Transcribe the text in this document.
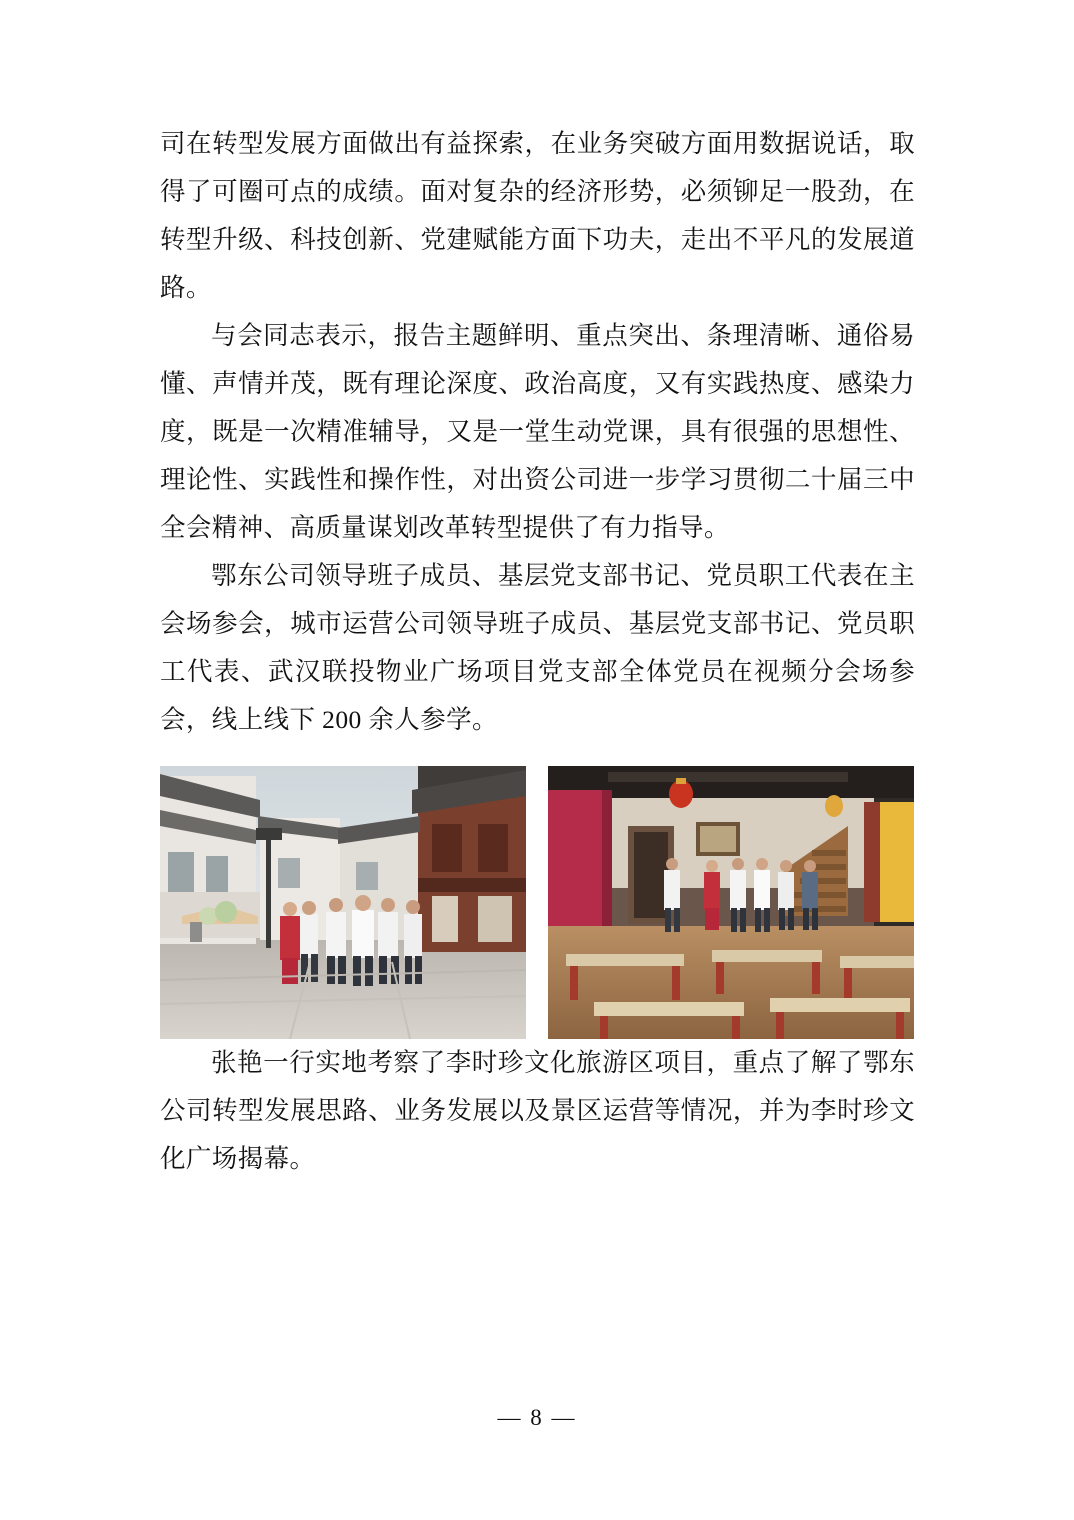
司在转型发展方面做出有益探索，在业务突破方面用数据说话，取得了可圈可点的成绩。面对复杂的经济形势，必须铆足一股劲，在转型升级、科技创新、党建赋能方面下功夫，走出不平凡的发展道路。

与会同志表示，报告主题鲜明、重点突出、条理清晰、通俗易懂、声情并茂，既有理论深度、政治高度，又有实践热度、感染力度，既是一次精准辅导，又是一堂生动党课，具有很强的思想性、理论性、实践性和操作性，对出资公司进一步学习贯彻二十届三中全会精神、高质量谋划改革转型提供了有力指导。

鄂东公司领导班子成员、基层党支部书记、党员职工代表在主会场参会，城市运营公司领导班子成员、基层党支部书记、党员职工代表、武汉联投物业广场项目党支部全体党员在视频分会场参会，线上线下 200 余人参学。

张艳一行实地考察了李时珍文化旅游区项目，重点了解了鄂东公司转型发展思路、业务发展以及景区运营等情况，并为李时珍文化广场揭幕。

— 8 —
